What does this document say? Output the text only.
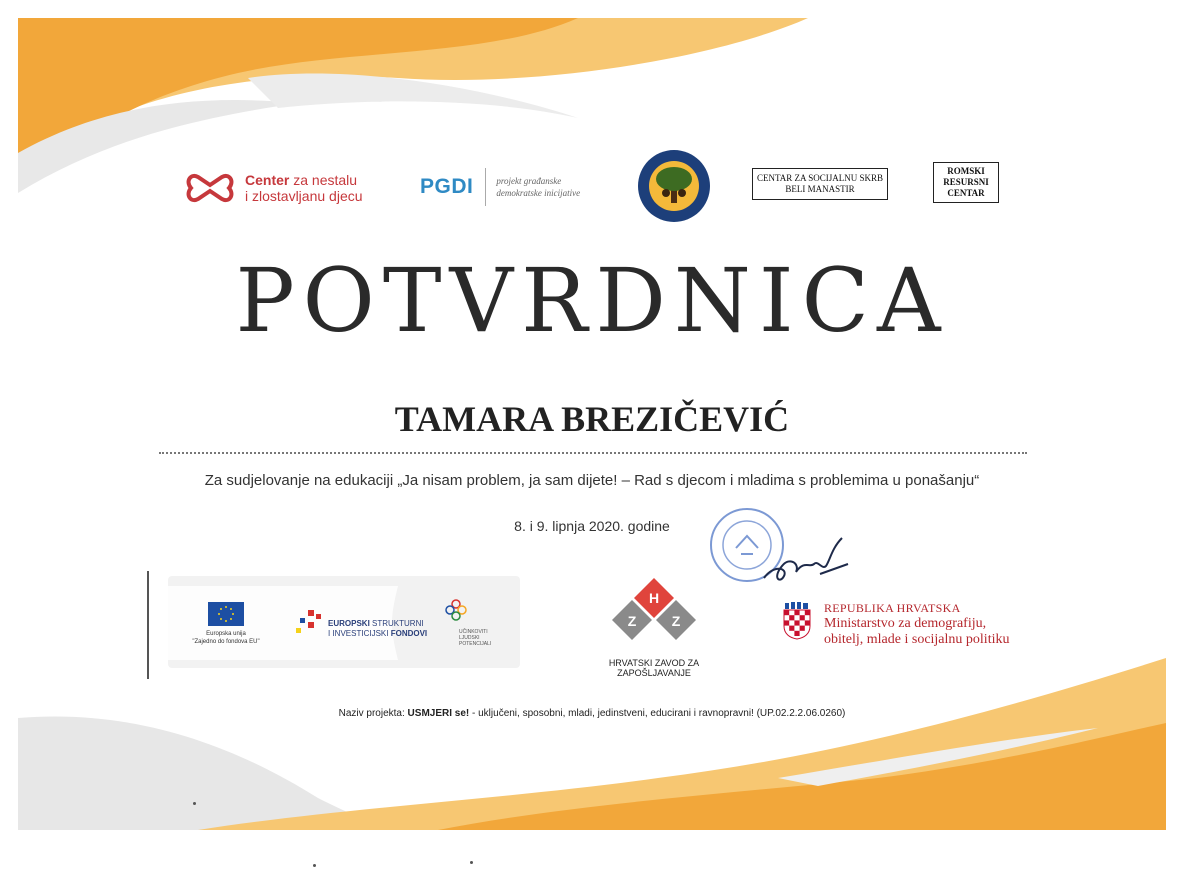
Center za nestalu
i zlostavljanu djecu	PGDI	projekt građanske
demokratske inicijative
CENTAR ZA SOCIJALNU SKRB
BELI MANASTIR
ROMSKI
RESURSNI
CENTAR
POTVRDNICA
TAMARA BREZIČEVIĆ
Za sudjelovanje na edukaciji „Ja nisam problem, ja sam dijete! – Rad s djecom i mladima s problemima u ponašanju“
8. i 9. lipnja 2020. godine
Europska unija
"Zajedno do fondova EU"
EUROPSKI STRUKTURNI
I INVESTICIJSKI FONDOVI	UČINKOVITI
LJUDSKI
POTENCIJALI
H
Z	Z
HRVATSKI ZAVOD ZA ZAPOŠLJAVANJE
REPUBLIKA HRVATSKA
Ministarstvo za demografiju,
obitelj, mlade i socijalnu politiku
Naziv projekta: USMJERI se! - uključeni, sposobni, mladi, jedinstveni, educirani i ravnopravni! (UP.02.2.2.06.0260)
